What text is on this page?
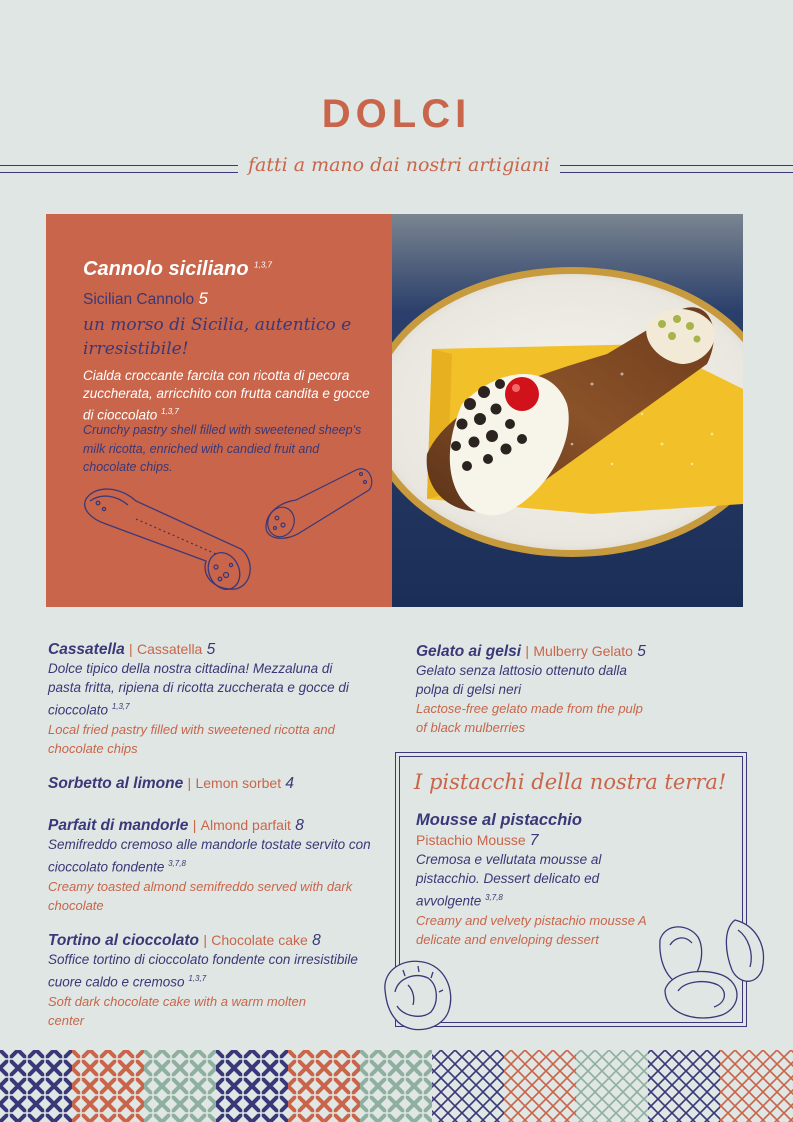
DOLCI
fatti a mano dai nostri artigiani
Cannolo siciliano $^{1,3,7}$
Sicilian Cannolo 5
un morso di Sicilia, autentico e irresistibile!
Cialda croccante farcita con ricotta di pecora zuccherata, arricchito con frutta candita e gocce di cioccolato $^{1,3,7}$
Crunchy pastry shell filled with sweetened sheep's milk ricotta, enriched with candied fruit and chocolate chips.
Cassatella | Cassatella 5
Dolce tipico della nostra cittadina! Mezzaluna di pasta fritta, ripiena di ricotta zuccherata e gocce di cioccolato $^{1,3,7}$
Local fried pastry filled with sweetened ricotta and chocolate chips
Sorbetto al limone | Lemon sorbet 4
Parfait di mandorle | Almond parfait 8
Semifreddo cremoso alle mandorle tostate servito con cioccolato fondente $^{3,7,8}$
Creamy toasted almond semifreddo served with dark chocolate
Tortino al cioccolato | Chocolate cake 8
Soffice tortino di cioccolato fondente con irresistibile cuore caldo e cremoso $^{1,3,7}$
Soft dark chocolate cake with a warm molten center
Gelato ai gelsi | Mulberry Gelato 5
Gelato senza lattosio ottenuto dalla polpa di gelsi neri
Lactose-free gelato made from the pulp of black mulberries
I pistacchi della nostra terra!
Mousse al pistacchio
Pistachio Mousse 7
Cremosa e vellutata mousse al pistacchio. Dessert delicato ed avvolgente $^{3,7,8}$
Creamy and velvety pistachio mousse A delicate and enveloping dessert
